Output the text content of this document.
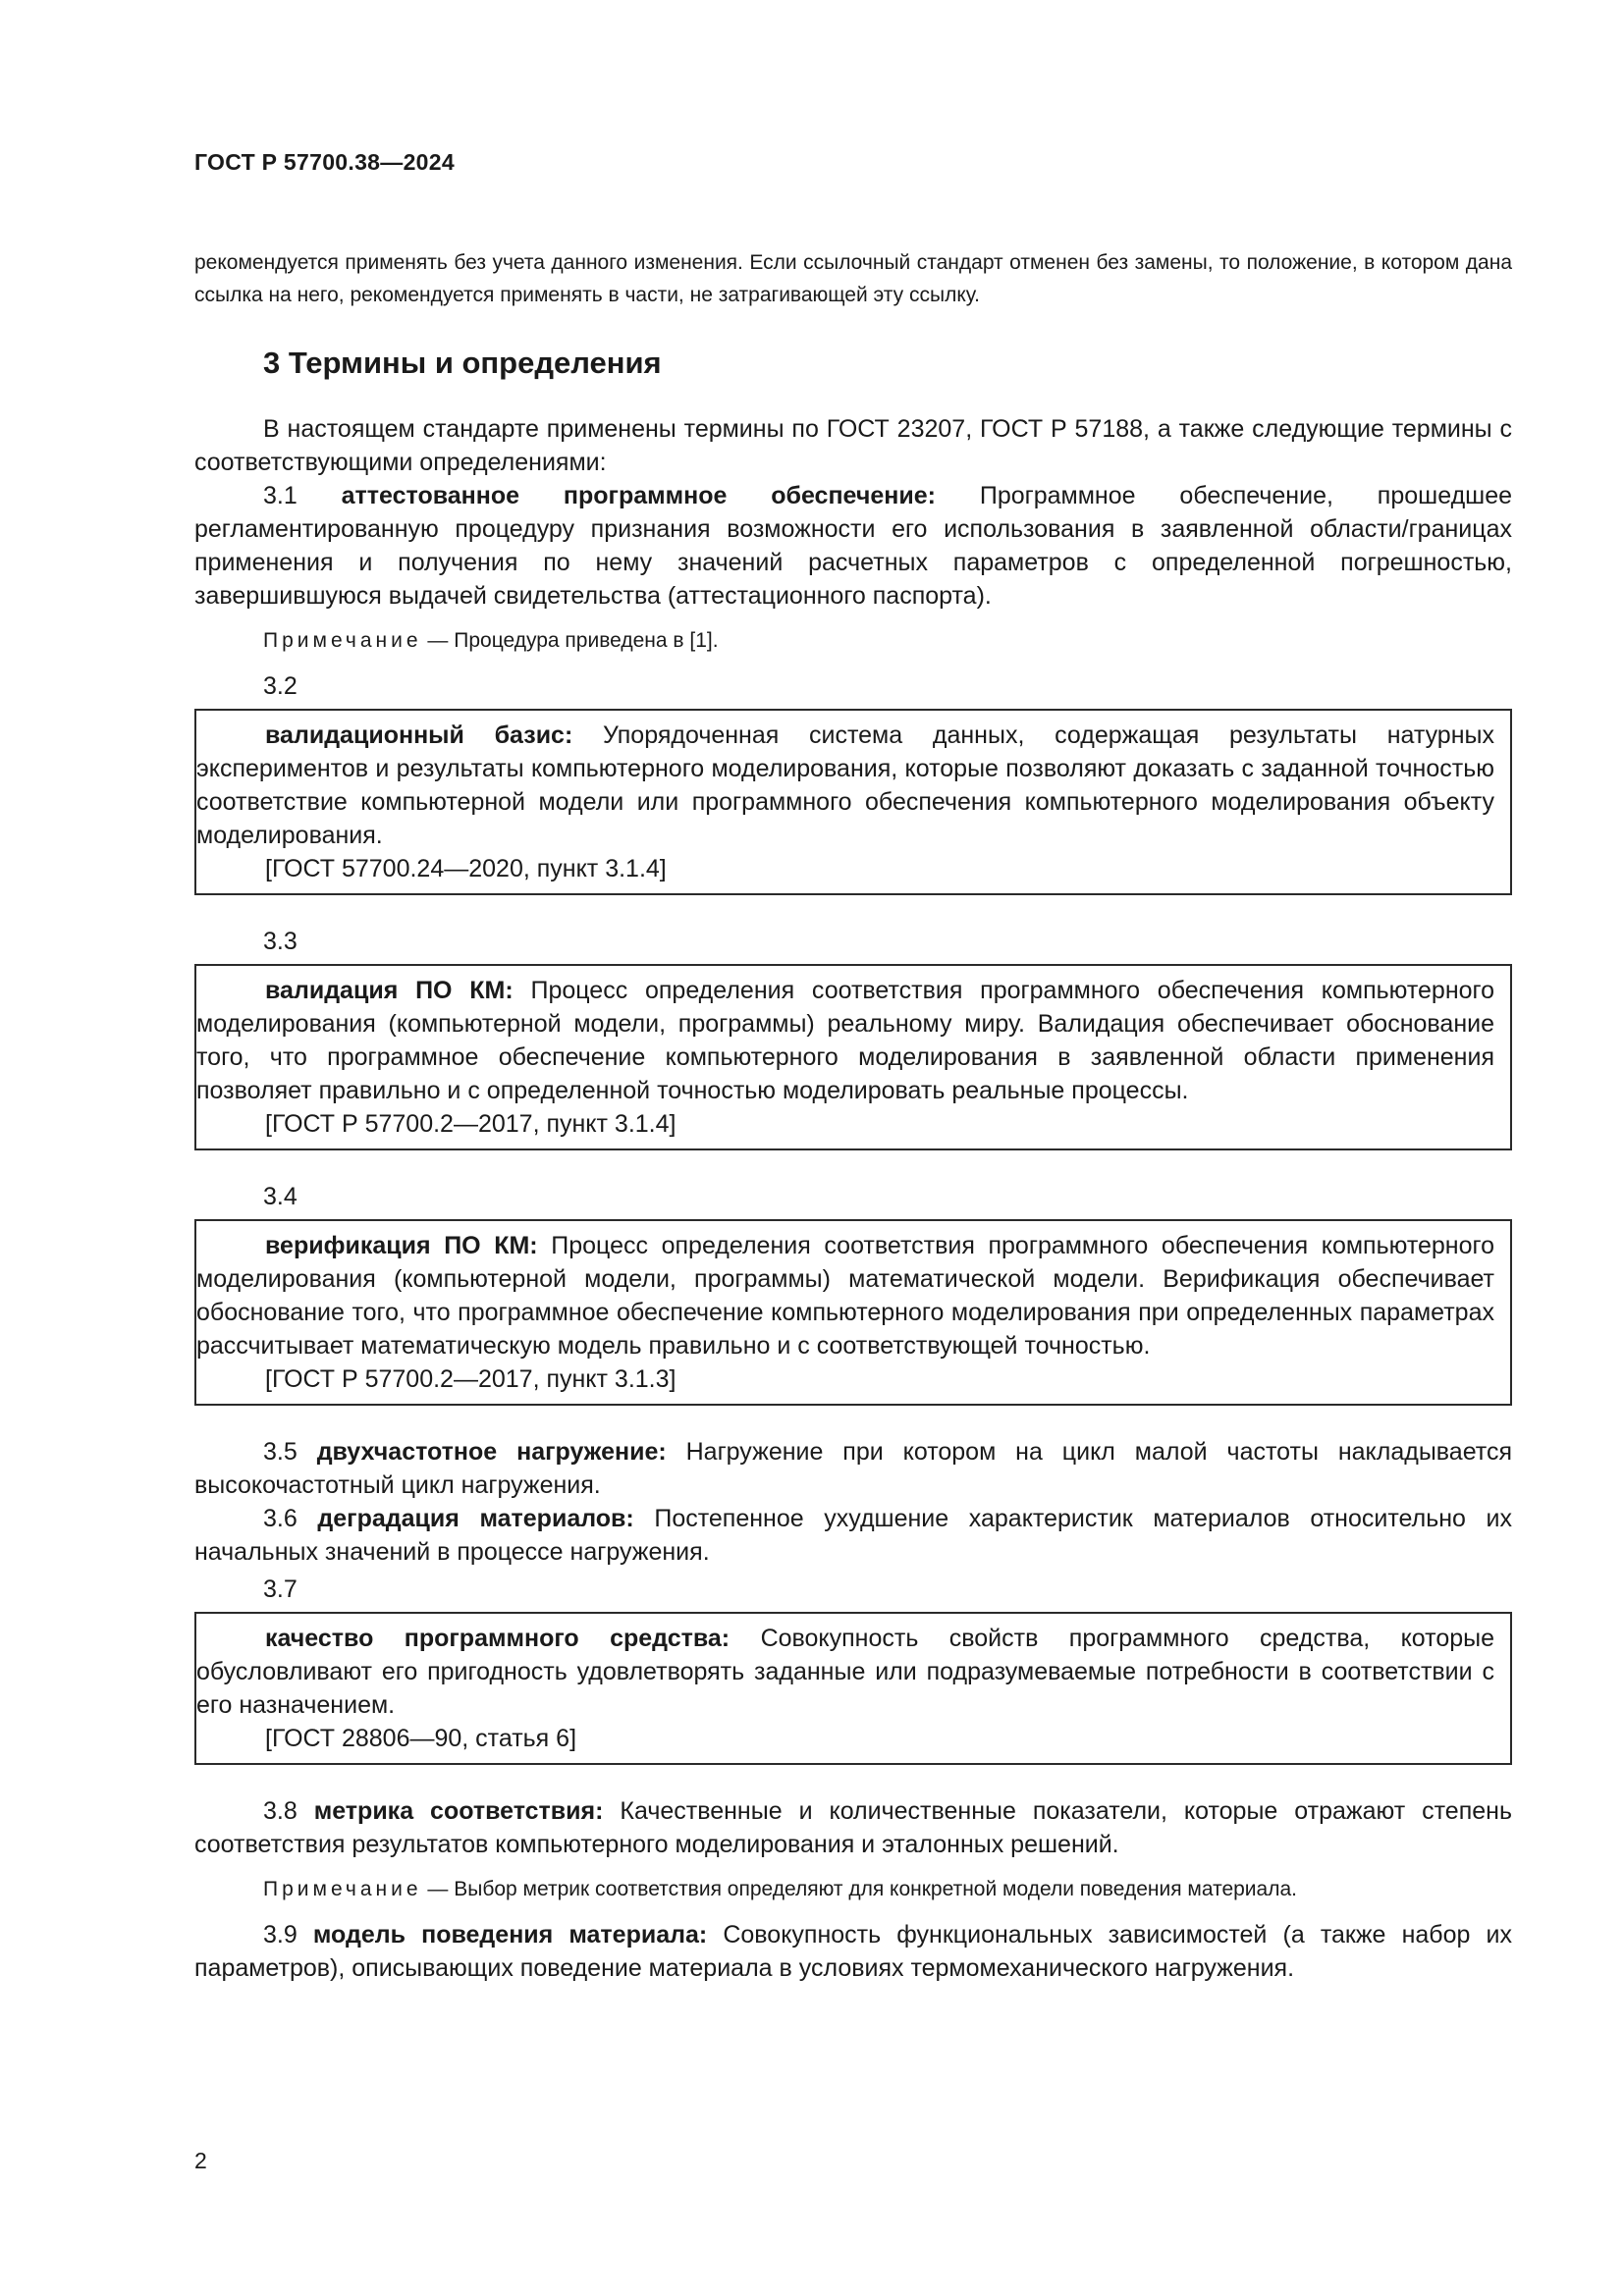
ГОСТ Р 57700.38—2024

рекомендуется применять без учета данного изменения. Если ссылочный стандарт отменен без замены, то положение, в котором дана ссылка на него, рекомендуется применять в части, не затрагивающей эту ссылку.

3 Термины и определения

В настоящем стандарте применены термины по ГОСТ 23207, ГОСТ Р 57188, а также следующие термины с соответствующими определениями:

3.1 аттестованное программное обеспечение: Программное обеспечение, прошедшее регламентированную процедуру признания возможности его использования в заявленной области/границах применения и получения по нему значений расчетных параметров с определенной погрешностью, завершившуюся выдачей свидетельства (аттестационного паспорта).

Примечание — Процедура приведена в [1].

3.2

валидационный базис: Упорядоченная система данных, содержащая результаты натурных экспериментов и результаты компьютерного моделирования, которые позволяют доказать с заданной точностью соответствие компьютерной модели или программного обеспечения компьютерного моделирования объекту моделирования.

[ГОСТ 57700.24—2020, пункт 3.1.4]
3.3

валидация ПО КМ: Процесс определения соответствия программного обеспечения компьютерного моделирования (компьютерной модели, программы) реальному миру. Валидация обеспечивает обоснование того, что программное обеспечение компьютерного моделирования в заявленной области применения позволяет правильно и с определенной точностью моделировать реальные процессы.

[ГОСТ Р 57700.2—2017, пункт 3.1.4]
3.4

верификация ПО КМ: Процесс определения соответствия программного обеспечения компьютерного моделирования (компьютерной модели, программы) математической модели. Верификация обеспечивает обоснование того, что программное обеспечение компьютерного моделирования при определенных параметрах рассчитывает математическую модель правильно и с соответствующей точностью.

[ГОСТ Р 57700.2—2017, пункт 3.1.3]

3.5 двухчастотное нагружение: Нагружение при котором на цикл малой частоты накладывается высокочастотный цикл нагружения.

3.6 деградация материалов: Постепенное ухудшение характеристик материалов относительно их начальных значений в процессе нагружения.

3.7

качество программного средства: Совокупность свойств программного средства, которые обусловливают его пригодность удовлетворять заданные или подразумеваемые потребности в соответствии с его назначением.

[ГОСТ 28806—90, статья 6]

3.8 метрика соответствия: Качественные и количественные показатели, которые отражают степень соответствия результатов компьютерного моделирования и эталонных решений.

Примечание — Выбор метрик соответствия определяют для конкретной модели поведения материала.

3.9 модель поведения материала: Совокупность функциональных зависимостей (а также набор их параметров), описывающих поведение материала в условиях термомеханического нагружения.

2
